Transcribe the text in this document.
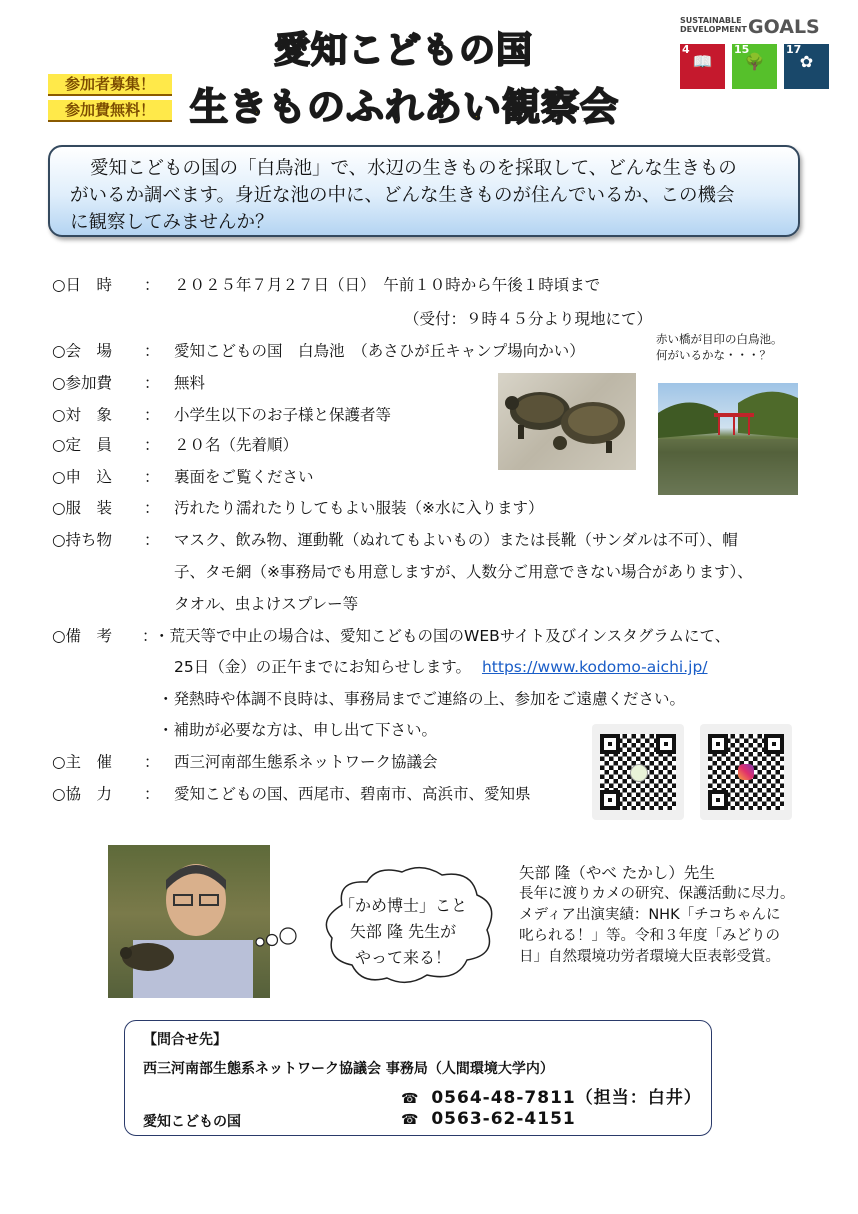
参加者募集！
参加費無料！
愛知こどもの国
生きものふれあい観察会
SUSTAINABLE DEVELOPMENT GOALS
4
📖
15
🌳
17
✿
愛知こどもの国の「白鳥池」で、水辺の生きものを採取して、どんな生きもの
がいるか調べます。身近な池の中に、どんな生きものが住んでいるか、この機会
に観察してみませんか？
○日　時 ： ２０２５年７月２７日（日）　午前１０時から午後１時頃まで
（受付：９時４５分より現地にて）
○会　場 ： 愛知こどもの国　白鳥池　（あさひが丘キャンプ場向かい）
○参加費 ： 無料
○対　象 ： 小学生以下のお子様と保護者等
○定　員 ： ２０名（先着順）
○申　込 ： 裏面をご覧ください
○服　装 ： 汚れたり濡れたりしてもよい服装（※水に入ります）
○持ち物 ： マスク、飲み物、運動靴（ぬれてもよいもの）または長靴（サンダルは不可）、帽
子、タモ網（※事務局でも用意しますが、人数分ご用意できない場合があります）、
タオル、虫よけスプレー等
○備　考 ：
・荒天等で中止の場合は、愛知こどもの国のWEBサイト及びインスタグラムにて、
25日（金）の正午までにお知らせします。 https://www.kodomo-aichi.jp/
・発熱時や体調不良時は、事務局までご連絡の上、参加をご遠慮ください。
・補助が必要な方は、申し出て下さい。
○主　催 ： 西三河南部生態系ネットワーク協議会
○協　力 ： 愛知こどもの国、西尾市、碧南市、高浜市、愛知県
赤い橋が目印の白鳥池。
何がいるかな・・・？
「かめ博士」こと
矢部 隆 先生が
やって来る！
矢部 隆（やべ たかし）先生
長年に渡りカメの研究、保護活動に尽力。
メディア出演実績：NHK「チコちゃんに
叱られる！」等。令和３年度「みどりの
日」自然環境功労者環境大臣表彰受賞。
【問合せ先】
西三河南部生態系ネットワーク協議会 事務局（人間環境大学内）
☎ 0564-48-7811（担当：白井）
愛知こどもの国	☎ 0563-62-4151
